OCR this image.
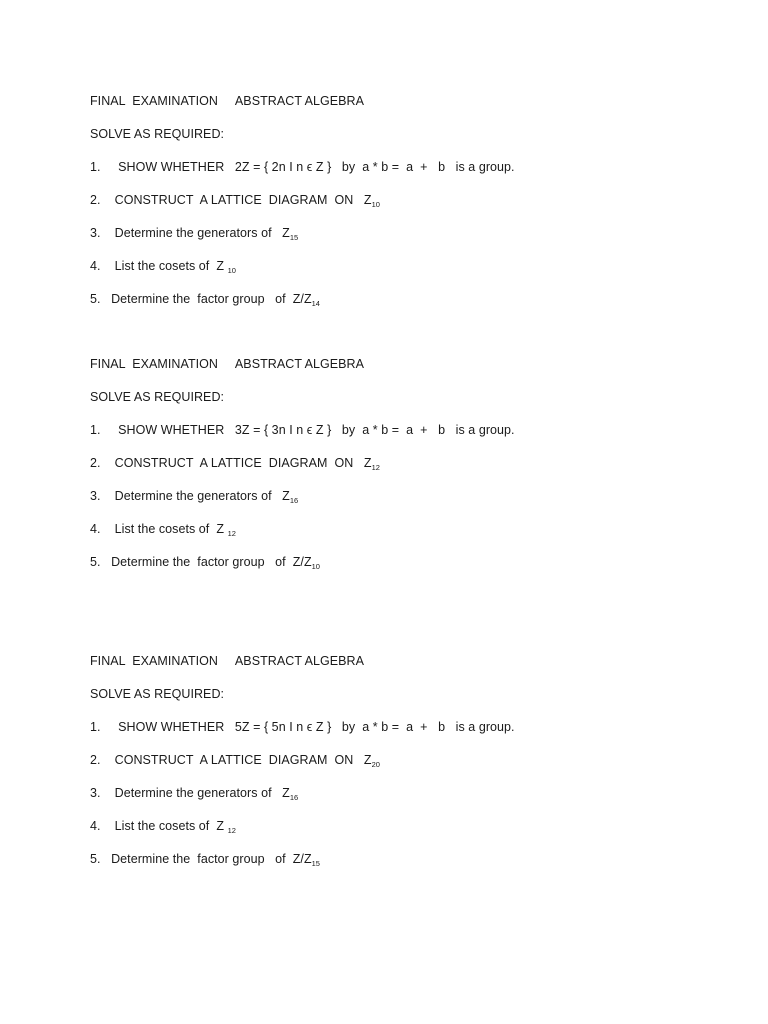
FINAL  EXAMINATION     ABSTRACT ALGEBRA
SOLVE AS REQUIRED:
1.     SHOW WHETHER   2Z = { 2n I n ϵ Z }   by  a * b =  a  +   b   is a group.
2.    CONSTRUCT  A LATTICE  DIAGRAM  ON   $Z_{10}$
3.    Determine the generators of   $Z_{15}$
4.    List the cosets of  Z $_{10}$
5.   Determine the  factor group   of  $Z/Z_{14}$
FINAL  EXAMINATION     ABSTRACT ALGEBRA
SOLVE AS REQUIRED:
1.     SHOW WHETHER   3Z = { 3n I n ϵ Z }   by  a * b =  a  +   b   is a group.
2.    CONSTRUCT  A LATTICE  DIAGRAM  ON   $Z_{12}$
3.    Determine the generators of   $Z_{16}$
4.    List the cosets of  Z $_{12}$
5.   Determine the  factor group   of  $Z/Z_{10}$
FINAL  EXAMINATION     ABSTRACT ALGEBRA
SOLVE AS REQUIRED:
1.     SHOW WHETHER   5Z = { 5n I n ϵ Z }   by  a * b =  a  +   b   is a group.
2.    CONSTRUCT  A LATTICE  DIAGRAM  ON   $Z_{20}$
3.    Determine the generators of   $Z_{16}$
4.    List the cosets of  Z $_{12}$
5.   Determine the  factor group   of  $Z/Z_{15}$
